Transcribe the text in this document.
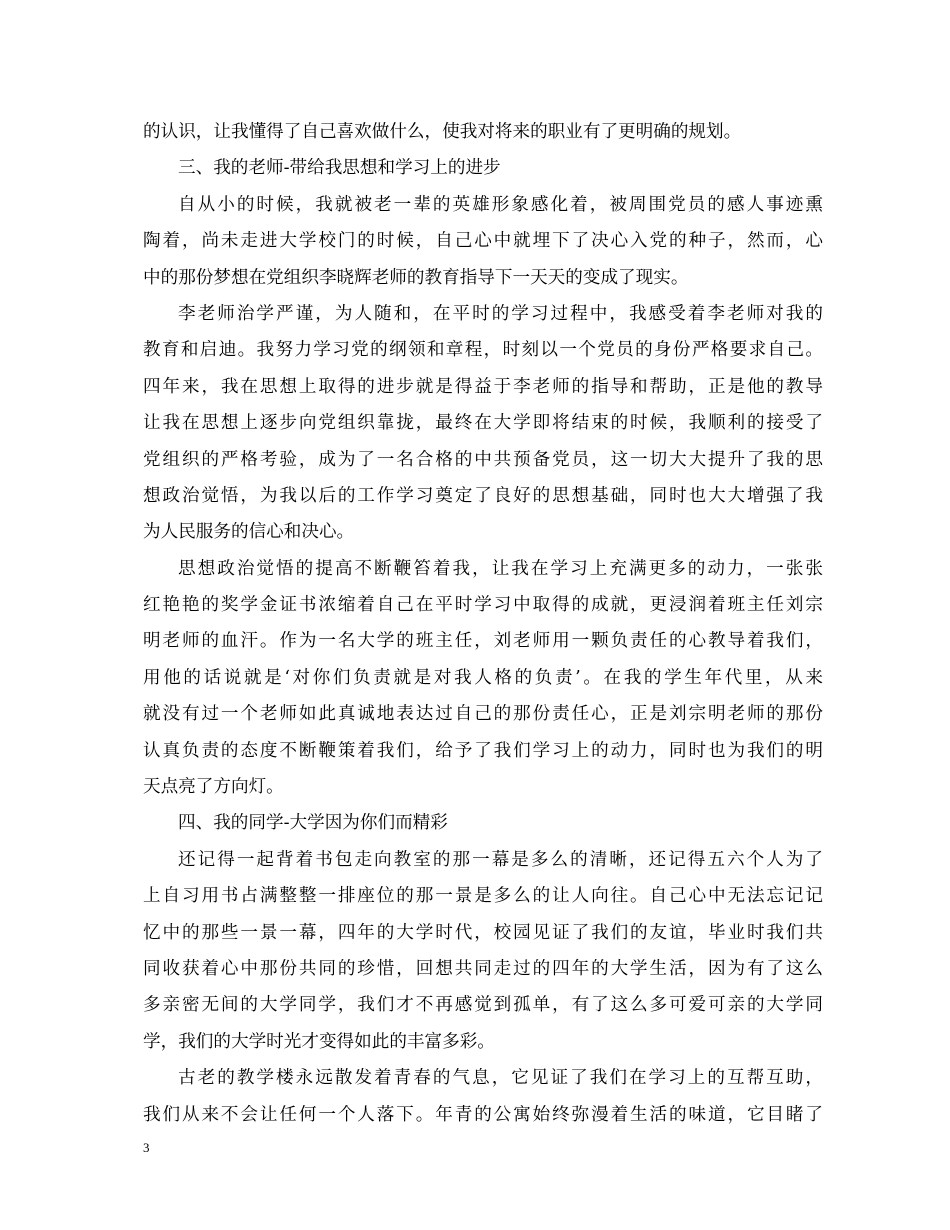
的认识，让我懂得了自己喜欢做什么，使我对将来的职业有了更明确的规划。
三、我的老师-带给我思想和学习上的进步
自从小的时候，我就被老一辈的英雄形象感化着，被周围党员的感人事迹熏
陶着，尚未走进大学校门的时候，自己心中就埋下了决心入党的种子，然而，心
中的那份梦想在党组织李晓辉老师的教育指导下一天天的变成了现实。
李老师治学严谨，为人随和，在平时的学习过程中，我感受着李老师对我的
教育和启迪。我努力学习党的纲领和章程，时刻以一个党员的身份严格要求自己。
四年来，我在思想上取得的进步就是得益于李老师的指导和帮助，正是他的教导
让我在思想上逐步向党组织靠拢，最终在大学即将结束的时候，我顺利的接受了
党组织的严格考验，成为了一名合格的中共预备党员，这一切大大提升了我的思
想政治觉悟，为我以后的工作学习奠定了良好的思想基础，同时也大大增强了我
为人民服务的信心和决心。
思想政治觉悟的提高不断鞭笞着我，让我在学习上充满更多的动力，一张张
红艳艳的奖学金证书浓缩着自己在平时学习中取得的成就，更浸润着班主任刘宗
明老师的血汗。作为一名大学的班主任，刘老师用一颗负责任的心教导着我们，
用他的话说就是‘对你们负责就是对我人格的负责’。在我的学生年代里，从来
就没有过一个老师如此真诚地表达过自己的那份责任心，正是刘宗明老师的那份
认真负责的态度不断鞭策着我们，给予了我们学习上的动力，同时也为我们的明
天点亮了方向灯。
四、我的同学-大学因为你们而精彩
还记得一起背着书包走向教室的那一幕是多么的清晰，还记得五六个人为了
上自习用书占满整整一排座位的那一景是多么的让人向往。自己心中无法忘记记
忆中的那些一景一幕，四年的大学时代，校园见证了我们的友谊，毕业时我们共
同收获着心中那份共同的珍惜，回想共同走过的四年的大学生活，因为有了这么
多亲密无间的大学同学，我们才不再感觉到孤单，有了这么多可爱可亲的大学同
学，我们的大学时光才变得如此的丰富多彩。
古老的教学楼永远散发着青春的气息，它见证了我们在学习上的互帮互助，
我们从来不会让任何一个人落下。年青的公寓始终弥漫着生活的味道，它目睹了
3
